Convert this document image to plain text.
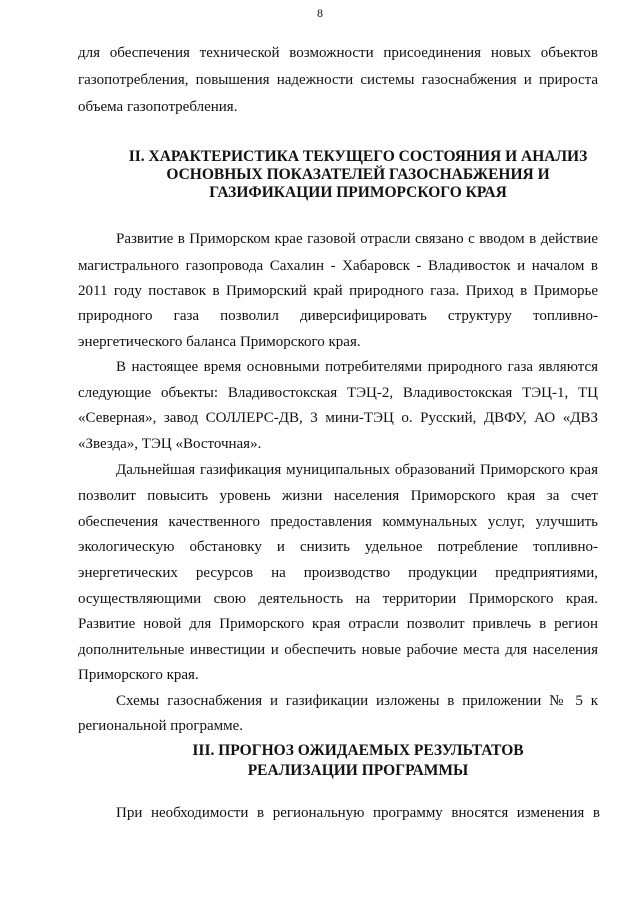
8
для обеспечения технической возможности присоединения новых объектов
газопотребления, повышения надежности системы газоснабжения и прироста
объема газопотребления.
II. ХАРАКТЕРИСТИКА ТЕКУЩЕГО СОСТОЯНИЯ И АНАЛИЗ
ОСНОВНЫХ ПОКАЗАТЕЛЕЙ ГАЗОСНАБЖЕНИЯ И
ГАЗИФИКАЦИИ ПРИМОРСКОГО КРАЯ
Развитие в Приморском крае газовой отрасли связано с вводом в действие
магистрального газопровода Сахалин - Хабаровск - Владивосток и началом в
2011 году поставок в Приморский край природного газа. Приход в Приморье
природного газа позволил диверсифицировать структуру топливно-
энергетического баланса Приморского края.
В настоящее время основными потребителями природного газа являются
следующие объекты: Владивостокская ТЭЦ-2, Владивостокская ТЭЦ-1, ТЦ
«Северная», завод СОЛЛЕРС-ДВ, 3 мини-ТЭЦ о. Русский, ДВФУ, АО «ДВЗ
«Звезда», ТЭЦ «Восточная».
Дальнейшая газификация муниципальных образований Приморского края
позволит повысить уровень жизни населения Приморского края за счет
обеспечения качественного предоставления коммунальных услуг, улучшить
экологическую обстановку и снизить удельное потребление топливно-
энергетических ресурсов на производство продукции предприятиями,
осуществляющими свою деятельность на территории Приморского края.
Развитие новой для Приморского края отрасли позволит привлечь в регион
дополнительные инвестиции и обеспечить новые рабочие места для населения
Приморского края.
Схемы газоснабжения и газификации изложены в приложении № 5 к
региональной программе.
III. ПРОГНОЗ ОЖИДАЕМЫХ РЕЗУЛЬТАТОВ
РЕАЛИЗАЦИИ ПРОГРАММЫ
При необходимости в региональную программу вносятся изменения в
